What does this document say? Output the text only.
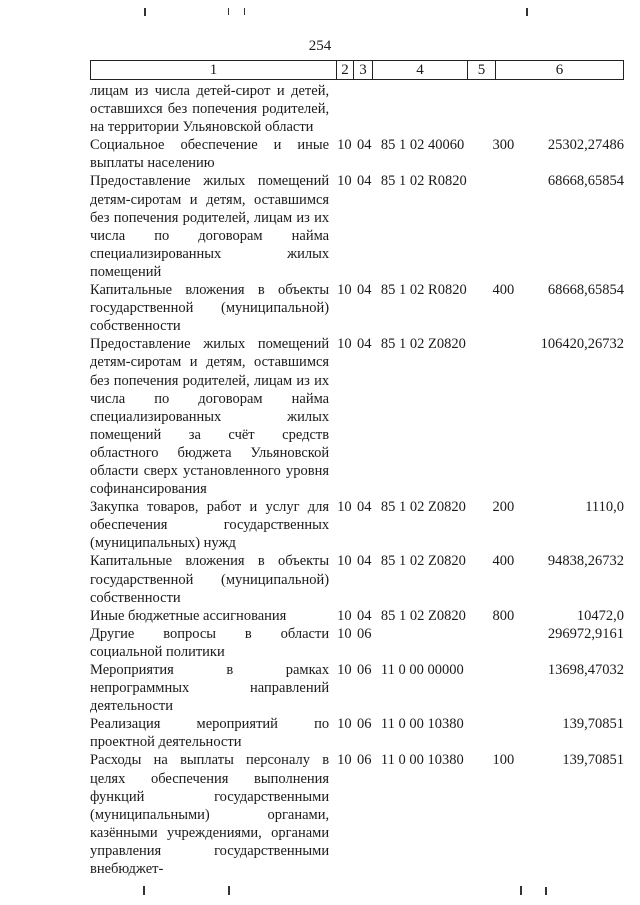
254
1	2 3	4	5	6
лицам из числа детей-сирот и детей, оставшихся без попечения родителей, на территории Ульяновской области
Социальное обеспечение и иные выплаты населению
10 04 85 1 02 40060	300	25302,27486
Предоставление жилых помещений детям-сиротам и детям, оставшимся без попечения родителей, лицам из их числа по договорам найма специализированных жилых помещений
10 04 85 1 02 R0820	68668,65854
Капитальные вложения в объекты государственной (муниципальной) собственности
10 04 85 1 02 R0820	400	68668,65854
Предоставление жилых помещений детям-сиротам и детям, оставшимся без попечения родителей, лицам из их числа по договорам найма специализированных жилых помещений за счёт средств областного бюджета Ульяновской области сверх установленного уровня софинансирования
10 04 85 1 02 Z0820	106420,26732
Закупка товаров, работ и услуг для обеспечения государственных (муниципальных) нужд
10 04 85 1 02 Z0820	200	1110,0
Капитальные вложения в объекты государственной (муниципальной) собственности
10 04 85 1 02 Z0820	400	94838,26732
Иные бюджетные ассигнования	10 04 85 1 02 Z0820	800	10472,0
Другие вопросы в области социальной политики
10 06	296972,9161
Мероприятия в рамках непрограммных направлений деятельности
10 06 11 0 00 00000	13698,47032
Реализация мероприятий по проектной деятельности
10 06 11 0 00 10380	139,70851
Расходы на выплаты персоналу в целях обеспечения выполнения функций государственными (муниципальными) органами, казёнными учреждениями, органами управления государственными внебюджет-
10 06 11 0 00 10380	100	139,70851
